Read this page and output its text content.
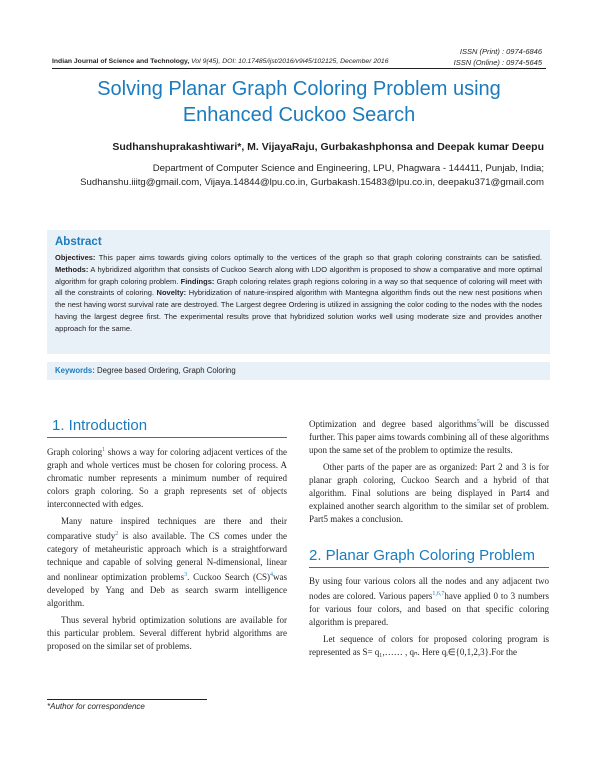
ISSN (Print) : 0974-6846
ISSN (Online) : 0974-5645
Indian Journal of Science and Technology, Vol 9(45), DOI: 10.17485/ijst/2016/v9i45/102125, December 2016
Solving Planar Graph Coloring Problem using
Enhanced Cuckoo Search
Sudhanshuprakashtiwari*, M. VijayaRaju, Gurbakashphonsa and Deepak kumar Deepu
Department of Computer Science and Engineering, LPU, Phagwara - 144411, Punjab, India;
Sudhanshu.iiitg@gmail.com, Vijaya.14844@lpu.co.in, Gurbakash.15483@lpu.co.in, deepaku371@gmail.com
Abstract
Objectives: This paper aims towards giving colors optimally to the vertices of the graph so that graph coloring constraints can be satisfied. Methods: A hybridized algorithm that consists of Cuckoo Search along with LDO algorithm is proposed to show a comparative and more optimal algorithm for graph coloring problem. Findings: Graph coloring relates graph regions coloring in a way so that sequence of coloring will meet with all the constraints of coloring. Novelty: Hybridization of nature-inspired algorithm with Mantegna algorithm finds out the new nest positions when the nest having worst survival rate are destroyed. The Largest degree Ordering is utilized in assigning the color coding to the nodes with the nodes having the largest degree first. The experimental results prove that hybridized solution works well using moderate size and provides another approach for the same.
Keywords: Degree based Ordering, Graph Coloring
1. Introduction

Graph coloring$^1$ shows a way for coloring adjacent vertices of the graph and whole vertices must be chosen for coloring process. A chromatic number represents a minimum number of required colors graph coloring. So a graph represents set of objects interconnected with edges.

Many nature inspired techniques are there and their comparative study$^2$ is also available. The CS comes under the category of metaheuristic approach which is a straightforward technique and capable of solving general N-dimensional, linear and nonlinear optimization problems$^3$. Cuckoo Search (CS)$^4$was developed by Yang and Deb as search swarm intelligence algorithm.

Thus several hybrid optimization solutions are available for this particular problem. Several different hybrid algorithms are proposed on the similar set of problems.

Optimization and degree based algorithms$^5$will be discussed further. This paper aims towards combining all of these algorithms upon the same set of the problem to optimize the results.

Other parts of the paper are as organized: Part 2 and 3 is for planar graph coloring, Cuckoo Search and a hybrid of that algorithm. Final solutions are being displayed in Part4 and explained another search algorithm to the similar set of problem. Part5 makes a conclusion.

2. Planar Graph Coloring Problem

By using four various colors all the nodes and any adjacent two nodes are colored. Various papers$^{1,6,7}$have applied 0 to 3 numbers for various four colors, and based on that specific coloring algorithm is prepared.

Let sequence of colors for proposed coloring program is represented as S= q₁,…… , qₙ. Here qᵢ∈{0,1,2,3}.For the

*Author for correspondence
